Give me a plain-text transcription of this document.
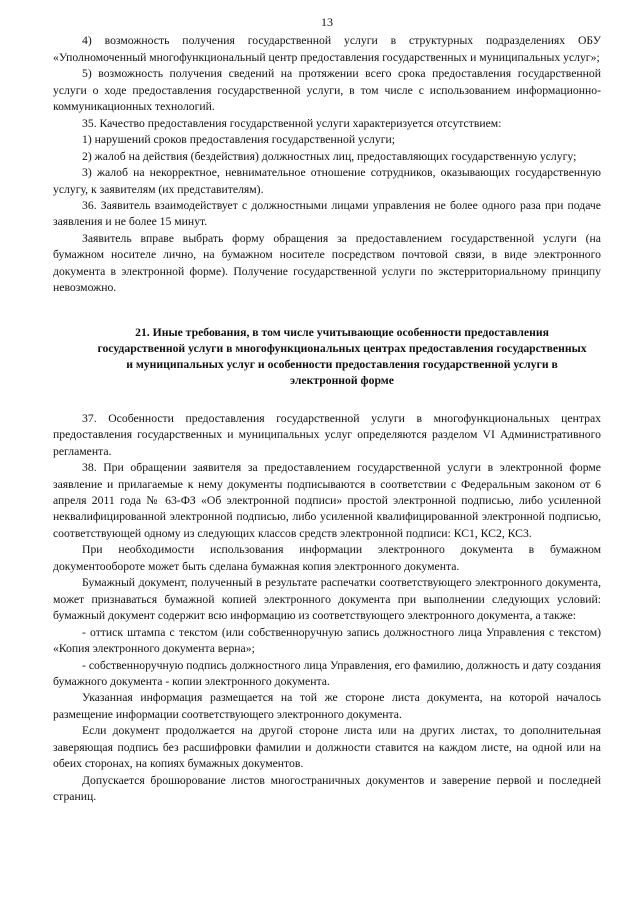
13

4) возможность получения государственной услуги в структурных подразделениях ОБУ «Уполномоченный многофункциональный центр предоставления государственных и муниципальных услуг»;

5) возможность получения сведений на протяжении всего срока предоставления государственной услуги о ходе предоставления государственной услуги, в том числе с использованием информационно-коммуникационных технологий.

35. Качество предоставления государственной услуги характеризуется отсутствием:

1) нарушений сроков предоставления государственной услуги;

2) жалоб на действия (бездействия) должностных лиц, предоставляющих государственную услугу;

3) жалоб на некорректное, невнимательное отношение сотрудников, оказывающих государственную услугу, к заявителям (их представителям).

36. Заявитель взаимодействует с должностными лицами управления не более одного раза при подаче заявления и не более 15 минут.

Заявитель вправе выбрать форму обращения за предоставлением государственной услуги (на бумажном носителе лично, на бумажном носителе посредством почтовой связи, в виде электронного документа в электронной форме). Получение государственной услуги по экстерриториальному принципу невозможно.

21. Иные требования, в том числе учитывающие особенности предоставления государственной услуги в многофункциональных центрах предоставления государственных и муниципальных услуг и особенности предоставления государственной услуги в электронной форме

37. Особенности предоставления государственной услуги в многофункциональных центрах предоставления государственных и муниципальных услуг определяются разделом VI Административного регламента.

38. При обращении заявителя за предоставлением государственной услуги в электронной форме заявление и прилагаемые к нему документы подписываются в соответствии с Федеральным законом от 6 апреля 2011 года № 63-ФЗ «Об электронной подписи» простой электронной подписью, либо усиленной неквалифицированной электронной подписью, либо усиленной квалифицированной электронной подписью, соответствующей одному из следующих классов средств электронной подписи: КС1, КС2, КС3.

При необходимости использования информации электронного документа в бумажном документообороте может быть сделана бумажная копия электронного документа.

Бумажный документ, полученный в результате распечатки соответствующего электронного документа, может признаваться бумажной копией электронного документа при выполнении следующих условий: бумажный документ содержит всю информацию из соответствующего электронного документа, а также:

- оттиск штампа с текстом (или собственноручную запись должностного лица Управления с текстом) «Копия электронного документа верна»;

- собственноручную подпись должностного лица Управления, его фамилию, должность и дату создания бумажного документа - копии электронного документа.

Указанная информация размещается на той же стороне листа документа, на которой началось размещение информации соответствующего электронного документа.

Если документ продолжается на другой стороне листа или на других листах, то дополнительная заверяющая подпись без расшифровки фамилии и должности ставится на каждом листе, на одной или на обеих сторонах, на копиях бумажных документов.

Допускается брошюрование листов многостраничных документов и заверение первой и последней страниц.
